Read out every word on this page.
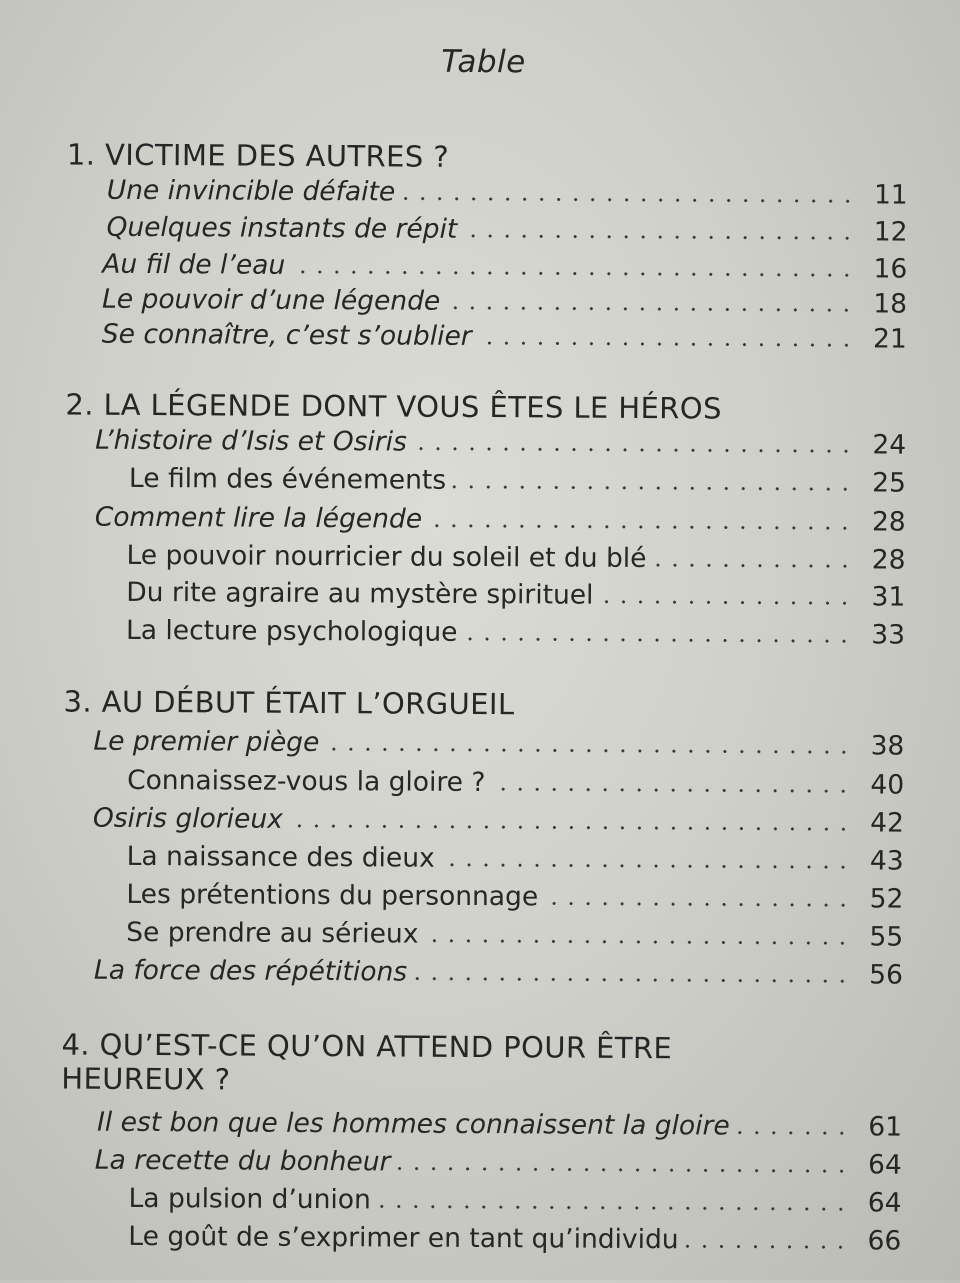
Table
1. VICTIME DES AUTRES ?
Une invincible défaite	11
Quelques instants de répit	12
Au fil de l’eau	16
Le pouvoir d’une légende	18
Se connaître, c’est s’oublier	21
2. LA LÉGENDE DONT VOUS ÊTES LE HÉROS
L’histoire d’Isis et Osiris	24
Le film des événements	25
Comment lire la légende	28
Le pouvoir nourricier du soleil et du blé	28
Du rite agraire au mystère spirituel	31
La lecture psychologique	33
3. AU DÉBUT ÉTAIT L’ORGUEIL
Le premier piège	38
Connaissez-vous la gloire ?	40
Osiris glorieux	42
La naissance des dieux	43
Les prétentions du personnage	52
Se prendre au sérieux	55
La force des répétitions	56
4. QU’EST-CE QU’ON ATTEND POUR ÊTRE HEUREUX ?
Il est bon que les hommes connaissent la gloire	61
La recette du bonheur	64
La pulsion d’union	64
Le goût de s’exprimer en tant qu’individu	66
